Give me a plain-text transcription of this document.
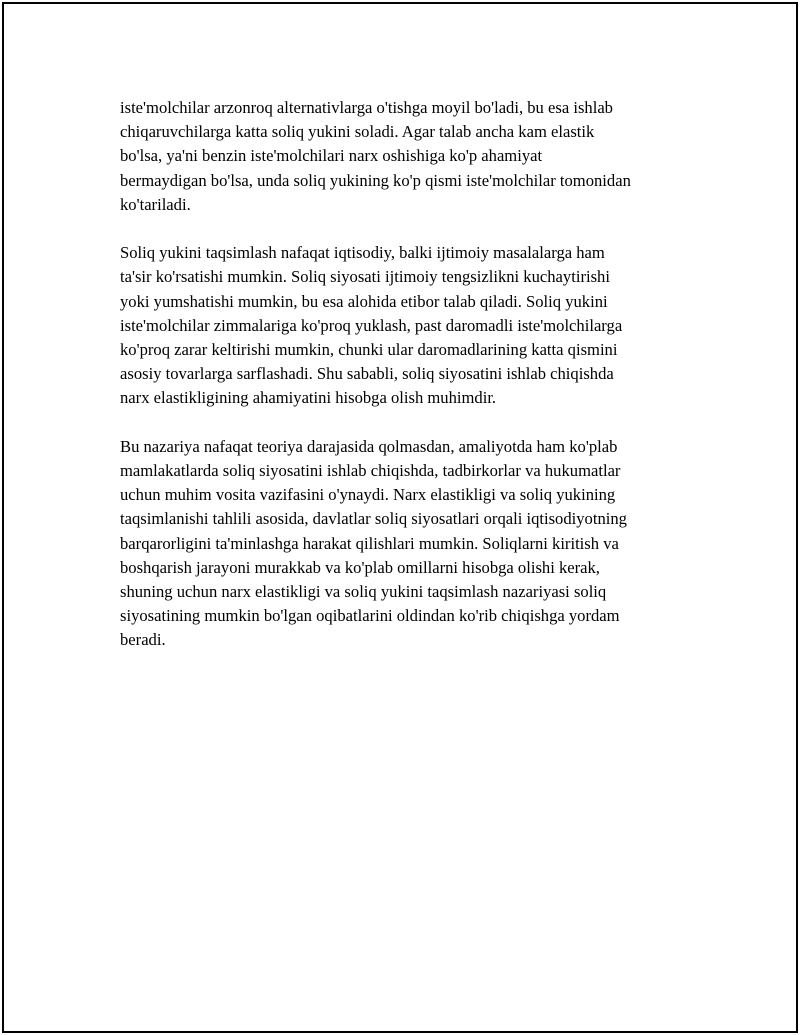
iste'molchilar arzonroq alternativlarga o'tishga moyil bo'ladi, bu esa ishlab
chiqaruvchilarga katta soliq yukini soladi. Agar talab ancha kam elastik
bo'lsa, ya'ni benzin iste'molchilari narx oshishiga ko'p ahamiyat
bermaydigan bo'lsa, unda soliq yukining ko'p qismi iste'molchilar tomonidan
ko'tariladi.

Soliq yukini taqsimlash nafaqat iqtisodiy, balki ijtimoiy masalalarga ham
ta'sir ko'rsatishi mumkin. Soliq siyosati ijtimoiy tengsizlikni kuchaytirishi
yoki yumshatishi mumkin, bu esa alohida etibor talab qiladi. Soliq yukini
iste'molchilar zimmalariga ko'proq yuklash, past daromadli iste'molchilarga
ko'proq zarar keltirishi mumkin, chunki ular daromadlarining katta qismini
asosiy tovarlarga sarflashadi. Shu sababli, soliq siyosatini ishlab chiqishda
narx elastikligining ahamiyatini hisobga olish muhimdir.

Bu nazariya nafaqat teoriya darajasida qolmasdan, amaliyotda ham ko'plab
mamlakatlarda soliq siyosatini ishlab chiqishda, tadbirkorlar va hukumatlar
uchun muhim vosita vazifasini o'ynaydi. Narx elastikligi va soliq yukining
taqsimlanishi tahlili asosida, davlatlar soliq siyosatlari orqali iqtisodiyotning
barqarorligini ta'minlashga harakat qilishlari mumkin. Soliqlarni kiritish va
boshqarish jarayoni murakkab va ko'plab omillarni hisobga olishi kerak,
shuning uchun narx elastikligi va soliq yukini taqsimlash nazariyasi soliq
siyosatining mumkin bo'lgan oqibatlarini oldindan ko'rib chiqishga yordam
beradi.
